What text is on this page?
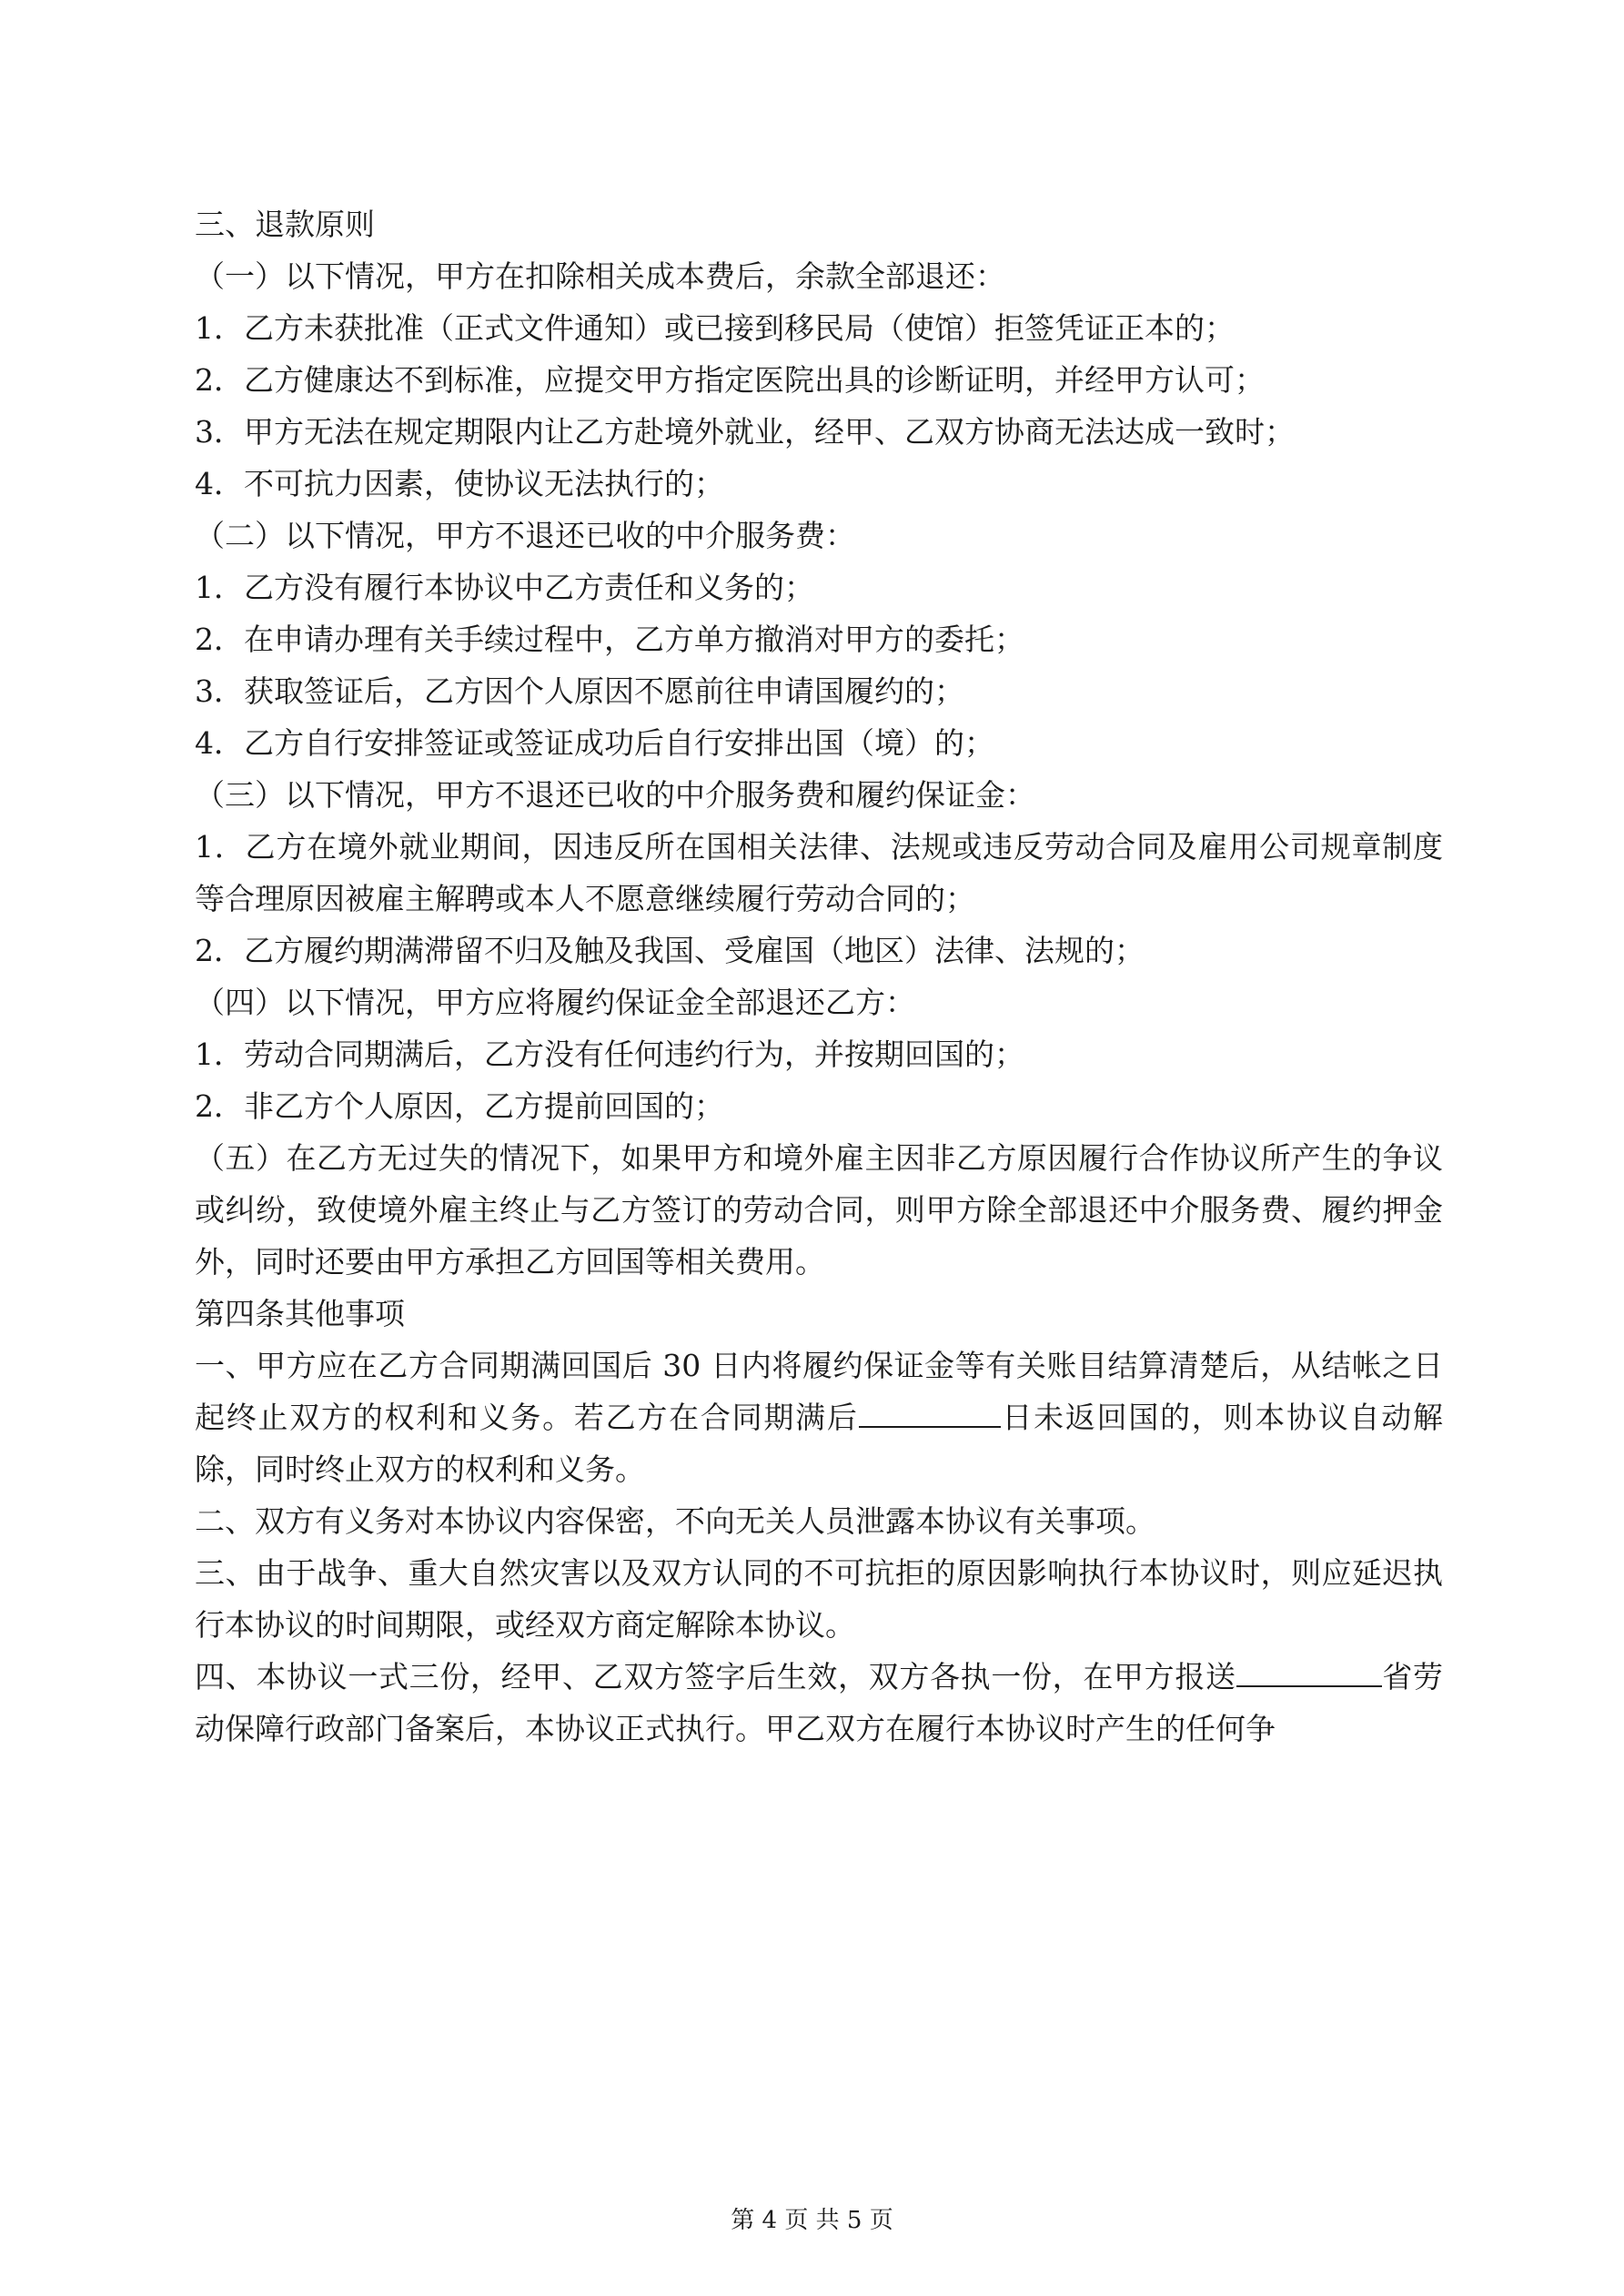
三、退款原则

（一）以下情况，甲方在扣除相关成本费后，余款全部退还：

1．乙方未获批准（正式文件通知）或已接到移民局（使馆）拒签凭证正本的；

2．乙方健康达不到标准，应提交甲方指定医院出具的诊断证明，并经甲方认可；

3．甲方无法在规定期限内让乙方赴境外就业，经甲、乙双方协商无法达成一致时；

4．不可抗力因素，使协议无法执行的；

（二）以下情况，甲方不退还已收的中介服务费：

1．乙方没有履行本协议中乙方责任和义务的；

2．在申请办理有关手续过程中，乙方单方撤消对甲方的委托；

3．获取签证后，乙方因个人原因不愿前往申请国履约的；

4．乙方自行安排签证或签证成功后自行安排出国（境）的；

（三）以下情况，甲方不退还已收的中介服务费和履约保证金：

1．乙方在境外就业期间，因违反所在国相关法律、法规或违反劳动合同及雇用公司规章制度等合理原因被雇主解聘或本人不愿意继续履行劳动合同的；

2．乙方履约期满滞留不归及触及我国、受雇国（地区）法律、法规的；

（四）以下情况，甲方应将履约保证金全部退还乙方：

1．劳动合同期满后，乙方没有任何违约行为，并按期回国的；

2．非乙方个人原因，乙方提前回国的；

（五）在乙方无过失的情况下，如果甲方和境外雇主因非乙方原因履行合作协议所产生的争议或纠纷，致使境外雇主终止与乙方签订的劳动合同，则甲方除全部退还中介服务费、履约押金外，同时还要由甲方承担乙方回国等相关费用。

第四条其他事项

一、甲方应在乙方合同期满回国后 30 日内将履约保证金等有关账目结算清楚后，从结帐之日起终止双方的权利和义务。若乙方在合同期满后	日未返回国的，则本协议自动解除，同时终止双方的权利和义务。

二、双方有义务对本协议内容保密，不向无关人员泄露本协议有关事项。

三、由于战争、重大自然灾害以及双方认同的不可抗拒的原因影响执行本协议时，则应延迟执行本协议的时间期限，或经双方商定解除本协议。

四、本协议一式三份，经甲、乙双方签字后生效，双方各执一份，在甲方报送	省劳动保障行政部门备案后，本协议正式执行。甲乙双方在履行本协议时产生的任何争

第 4 页 共 5 页
